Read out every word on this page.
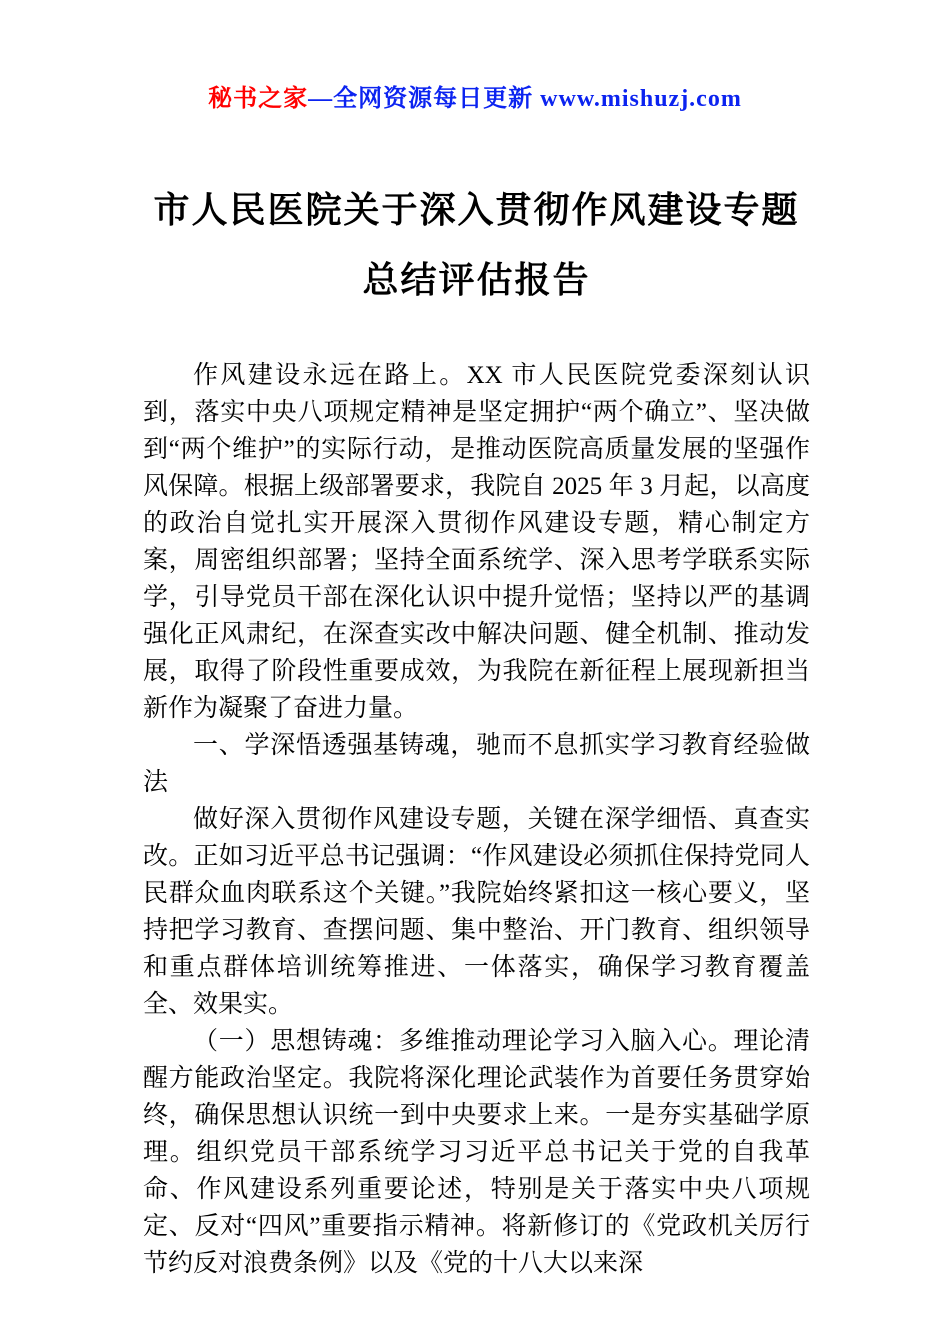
秘书之家—全网资源每日更新 www.mishuzj.com
市人民医院关于深入贯彻作风建设专题
总结评估报告

作风建设永远在路上。XX 市人民医院党委深刻认识到，落实中央八项规定精神是坚定拥护“两个确立”、坚决做到“两个维护”的实际行动，是推动医院高质量发展的坚强作风保障。根据上级部署要求，我院自 2025 年 3 月起，以高度的政治自觉扎实开展深入贯彻作风建设专题，精心制定方案，周密组织部署；坚持全面系统学、深入思考学联系实际学，引导党员干部在深化认识中提升觉悟；坚持以严的基调强化正风肃纪，在深查实改中解决问题、健全机制、推动发展，取得了阶段性重要成效，为我院在新征程上展现新担当新作为凝聚了奋进力量。

一、学深悟透强基铸魂，驰而不息抓实学习教育经验做法

做好深入贯彻作风建设专题，关键在深学细悟、真查实改。正如习近平总书记强调：“作风建设必须抓住保持党同人民群众血肉联系这个关键。”我院始终紧扣这一核心要义，坚持把学习教育、查摆问题、集中整治、开门教育、组织领导和重点群体培训统筹推进、一体落实，确保学习教育覆盖全、效果实。

（一）思想铸魂：多维推动理论学习入脑入心。理论清醒方能政治坚定。我院将深化理论武装作为首要任务贯穿始终，确保思想认识统一到中央要求上来。一是夯实基础学原理。组织党员干部系统学习习近平总书记关于党的自我革命、作风建设系列重要论述，特别是关于落实中央八项规定、反对“四风”重要指示精神。将新修订的《党政机关厉行节约反对浪费条例》以及《党的十八大以来深
